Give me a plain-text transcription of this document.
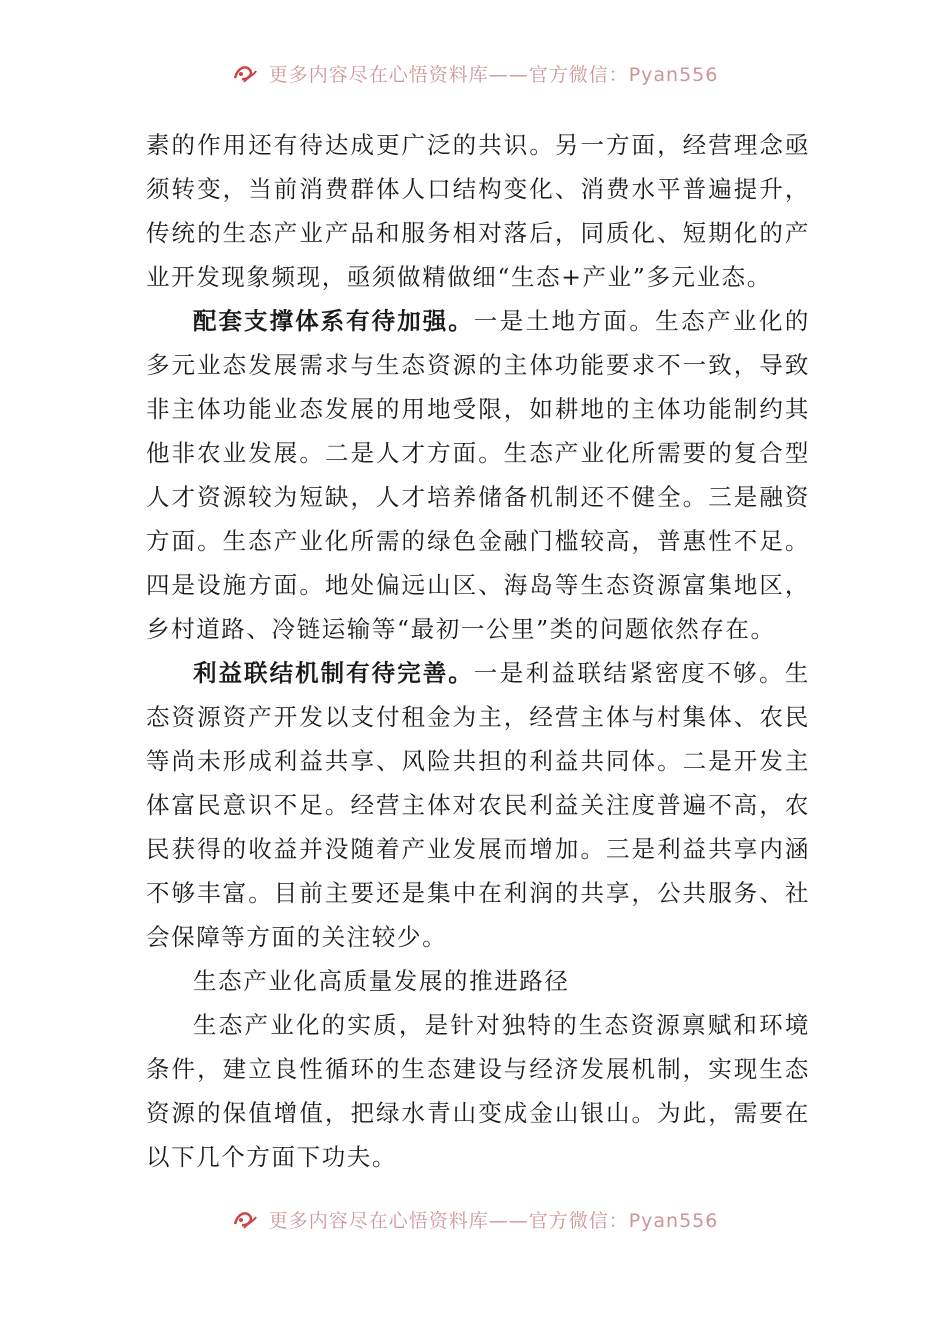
更多内容尽在心悟资料库——官方微信：Pyan556

素的作用还有待达成更广泛的共识。另一方面，经营理念亟须转变，当前消费群体人口结构变化、消费水平普遍提升，传统的生态产业产品和服务相对落后，同质化、短期化的产业开发现象频现，亟须做精做细“生态+产业”多元业态。

配套支撑体系有待加强。一是土地方面。生态产业化的多元业态发展需求与生态资源的主体功能要求不一致，导致非主体功能业态发展的用地受限，如耕地的主体功能制约其他非农业发展。二是人才方面。生态产业化所需要的复合型人才资源较为短缺，人才培养储备机制还不健全。三是融资方面。生态产业化所需的绿色金融门槛较高，普惠性不足。四是设施方面。地处偏远山区、海岛等生态资源富集地区，乡村道路、冷链运输等“最初一公里”类的问题依然存在。

利益联结机制有待完善。一是利益联结紧密度不够。生态资源资产开发以支付租金为主，经营主体与村集体、农民等尚未形成利益共享、风险共担的利益共同体。二是开发主体富民意识不足。经营主体对农民利益关注度普遍不高，农民获得的收益并没随着产业发展而增加。三是利益共享内涵不够丰富。目前主要还是集中在利润的共享，公共服务、社会保障等方面的关注较少。

生态产业化高质量发展的推进路径

生态产业化的实质，是针对独特的生态资源禀赋和环境条件，建立良性循环的生态建设与经济发展机制，实现生态资源的保值增值，把绿水青山变成金山银山。为此，需要在以下几个方面下功夫。

更多内容尽在心悟资料库——官方微信：Pyan556
